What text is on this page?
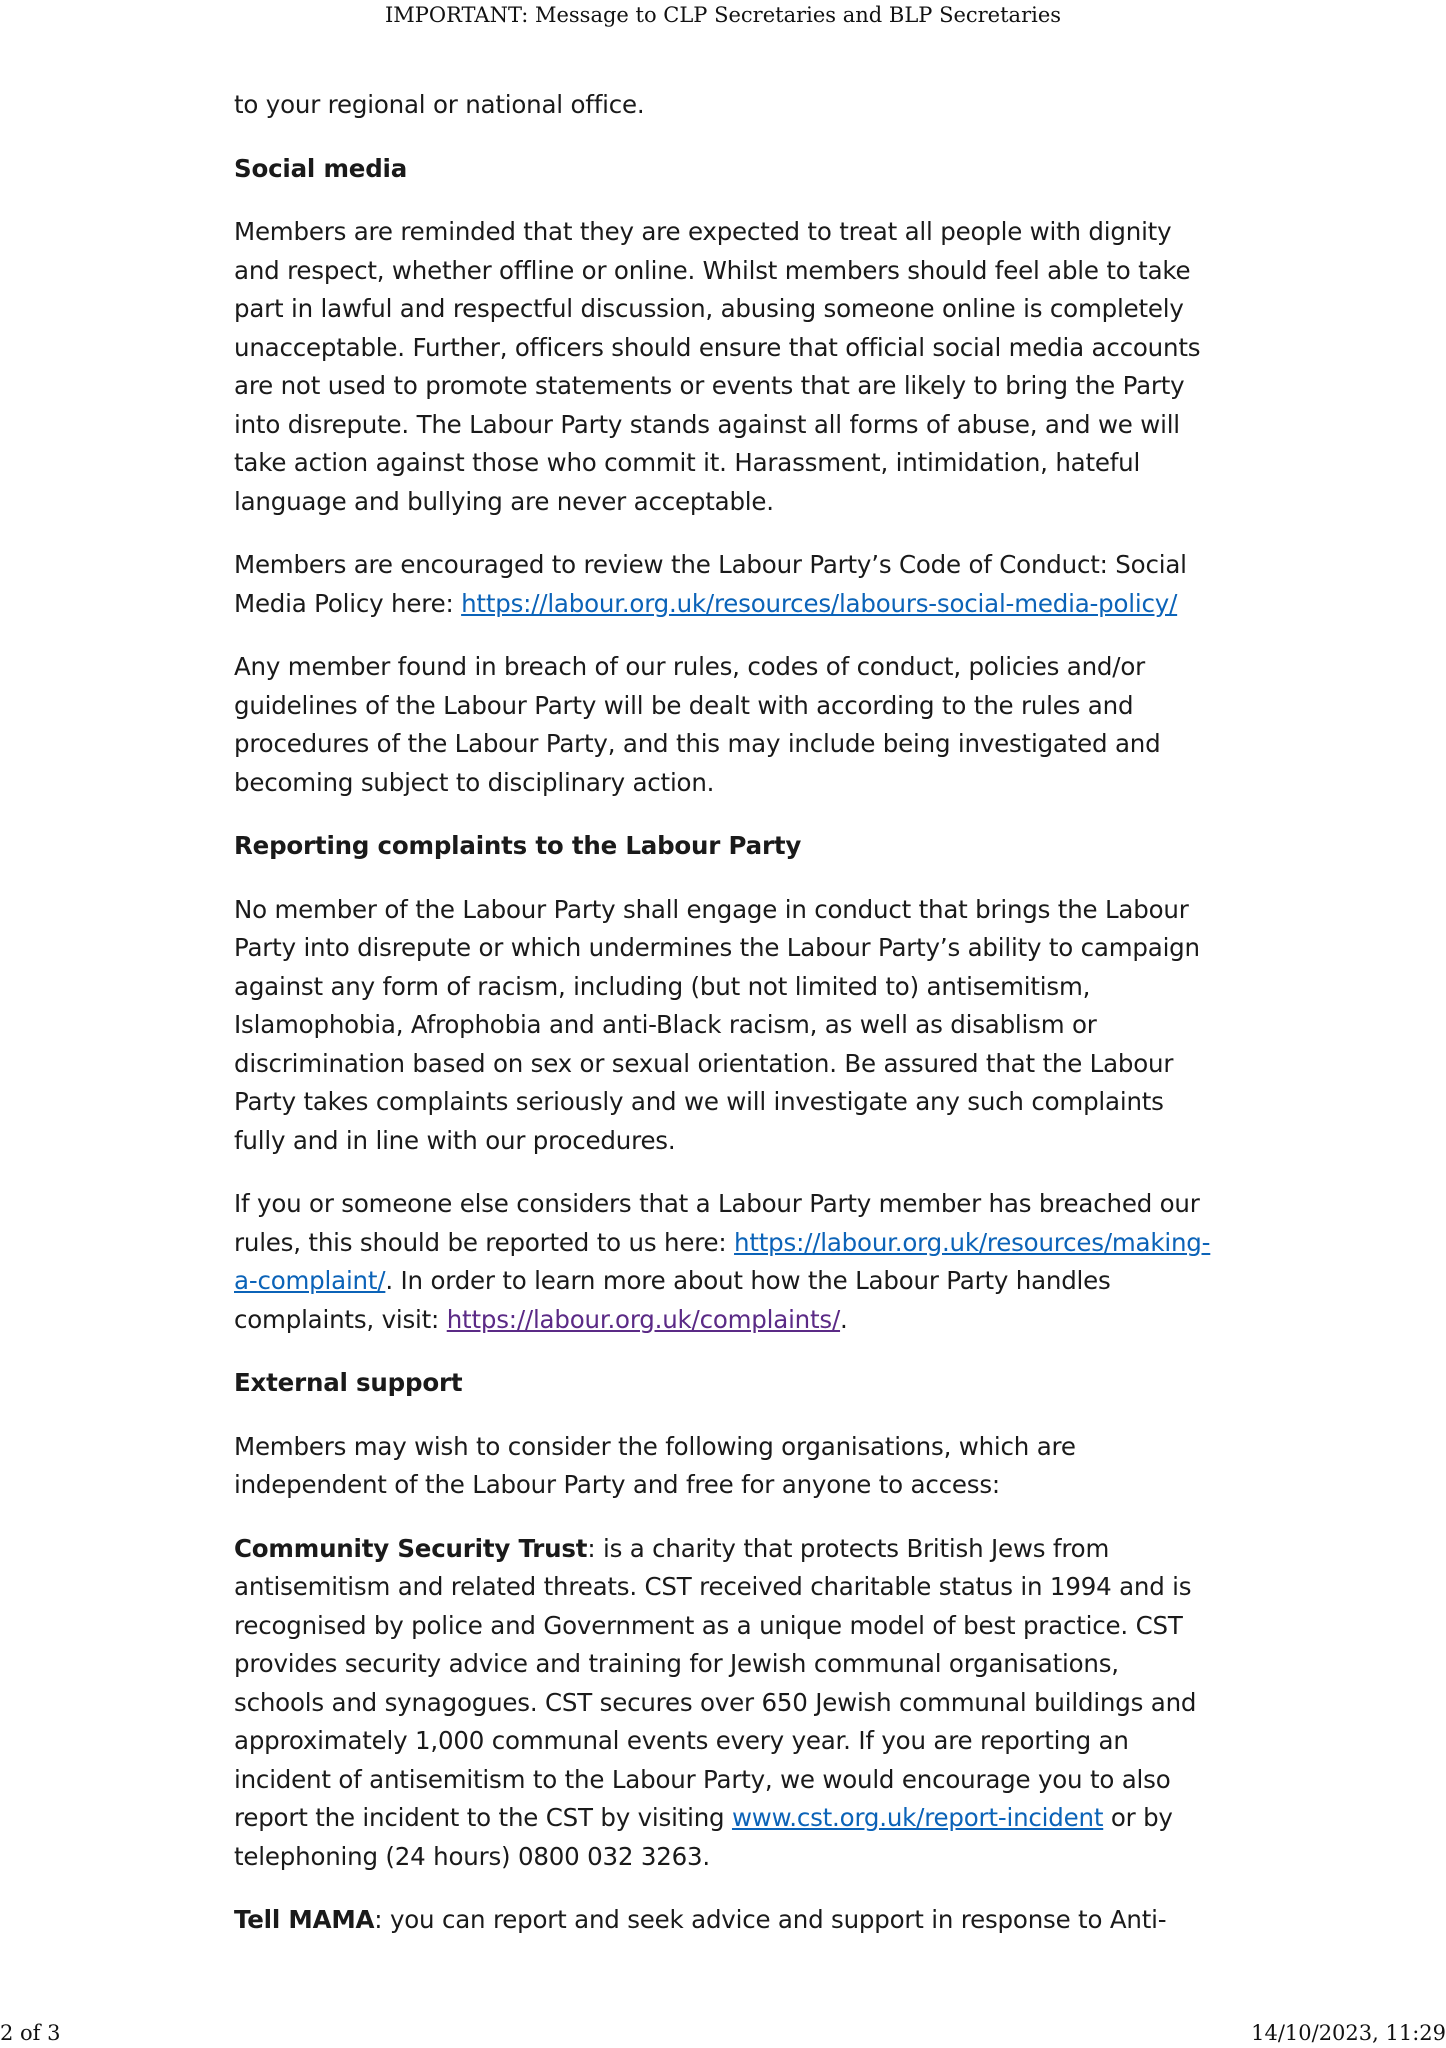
IMPORTANT: Message to CLP Secretaries and BLP Secretaries

to your regional or national office.

Social media

Members are reminded that they are expected to treat all people with dignity and respect, whether offline or online. Whilst members should feel able to take part in lawful and respectful discussion, abusing someone online is completely unacceptable. Further, officers should ensure that official social media accounts are not used to promote statements or events that are likely to bring the Party into disrepute. The Labour Party stands against all forms of abuse, and we will take action against those who commit it. Harassment, intimidation, hateful language and bullying are never acceptable.

Members are encouraged to review the Labour Party’s Code of Conduct: Social Media Policy here: https://labour.org.uk/resources/labours-social-media-policy/

Any member found in breach of our rules, codes of conduct, policies and/or guidelines of the Labour Party will be dealt with according to the rules and procedures of the Labour Party, and this may include being investigated and becoming subject to disciplinary action.

Reporting complaints to the Labour Party

No member of the Labour Party shall engage in conduct that brings the Labour Party into disrepute or which undermines the Labour Party’s ability to campaign against any form of racism, including (but not limited to) antisemitism, Islamophobia, Afrophobia and anti-Black racism, as well as disablism or discrimination based on sex or sexual orientation. Be assured that the Labour Party takes complaints seriously and we will investigate any such complaints fully and in line with our procedures.

If you or someone else considers that a Labour Party member has breached our rules, this should be reported to us here: https://labour.org.uk/resources/making-a-complaint/. In order to learn more about how the Labour Party handles complaints, visit: https://labour.org.uk/complaints/.

External support

Members may wish to consider the following organisations, which are independent of the Labour Party and free for anyone to access:

Community Security Trust: is a charity that protects British Jews from antisemitism and related threats. CST received charitable status in 1994 and is recognised by police and Government as a unique model of best practice. CST provides security advice and training for Jewish communal organisations, schools and synagogues. CST secures over 650 Jewish communal buildings and approximately 1,000 communal events every year. If you are reporting an incident of antisemitism to the Labour Party, we would encourage you to also report the incident to the CST by visiting www.cst.org.uk/report-incident or by telephoning (24 hours) 0800 032 3263.

Tell MAMA: you can report and seek advice and support in response to Anti-

2 of 3	14/10/2023, 11:29
